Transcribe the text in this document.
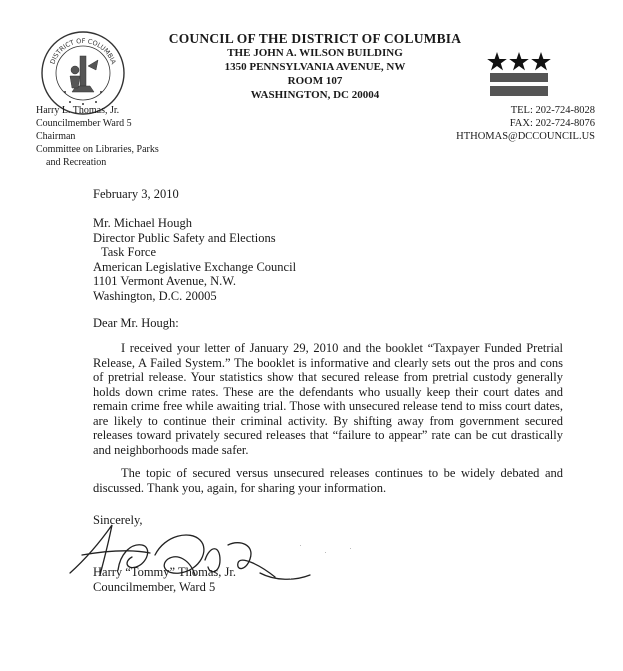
DISTRICT OF COLUMBIA
COUNCIL OF THE DISTRICT OF COLUMBIA
THE JOHN A. WILSON BUILDING
1350 PENNSYLVANIA AVENUE, NW
ROOM 107
WASHINGTON, DC 20004
Harry L. Thomas, Jr.
Councilmember Ward 5
Chairman
Committee on Libraries, Parks
and Recreation
TEL: 202-724-8028
FAX: 202-724-8076
HTHOMAS@DCCOUNCIL.US
February 3, 2010
Mr. Michael Hough
Director Public Safety and Elections
Task Force
American Legislative Exchange Council
1101 Vermont Avenue, N.W.
Washington, D.C. 20005
Dear Mr. Hough:
I received your letter of January 29, 2010 and the booklet “Taxpayer Funded Pretrial Release, A Failed System.” The booklet is informative and clearly sets out the pros and cons of pretrial release. Your statistics show that secured release from pretrial custody generally holds down crime rates. These are the defendants who usually keep their court dates and remain crime free while awaiting trial. Those with unsecured release tend to miss court dates, are likely to continue their criminal activity. By shifting away from government secured releases toward privately secured releases that “failure to appear” rate can be cut drastically and neighborhoods made safer.
The topic of secured versus unsecured releases continues to be widely debated and discussed. Thank you, again, for sharing your information.
Sincerely,
Harry “Tommy” Thomas, Jr.
Councilmember, Ward 5
